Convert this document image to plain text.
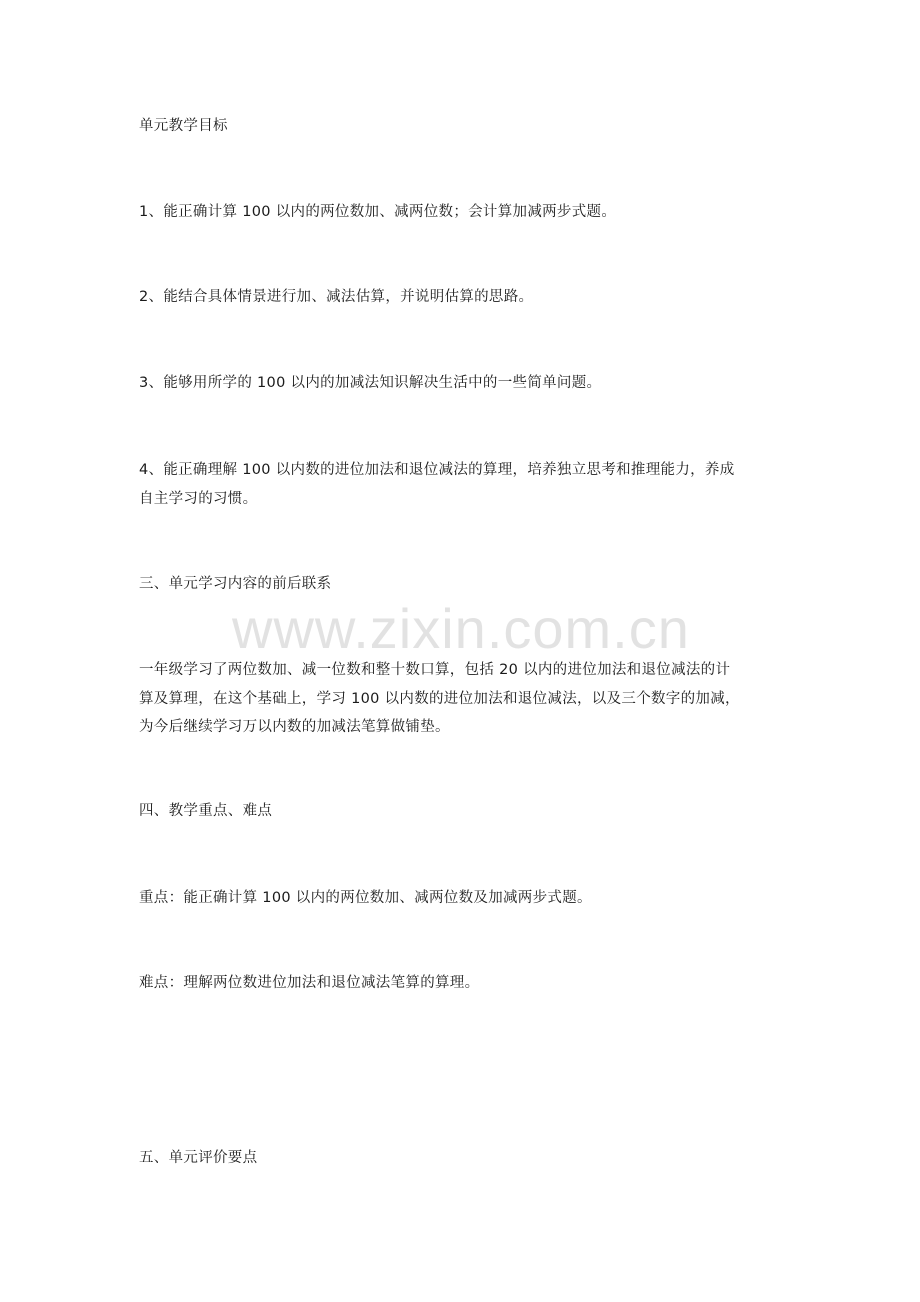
www.zixin.com.cn
单元教学目标
1、能正确计算 100 以内的两位数加、减两位数；会计算加减两步式题。
2、能结合具体情景进行加、减法估算，并说明估算的思路。
3、能够用所学的 100 以内的加减法知识解决生活中的一些简单问题。
4、能正确理解 100 以内数的进位加法和退位减法的算理，培养独立思考和推理能力，养成
自主学习的习惯。
三、单元学习内容的前后联系
一年级学习了两位数加、减一位数和整十数口算，包括 20 以内的进位加法和退位减法的计
算及算理，在这个基础上，学习 100 以内数的进位加法和退位减法，以及三个数字的加减，
为今后继续学习万以内数的加减法笔算做铺垫。
四、教学重点、难点
重点：能正确计算 100 以内的两位数加、减两位数及加减两步式题。
难点：理解两位数进位加法和退位减法笔算的算理。
五、单元评价要点
